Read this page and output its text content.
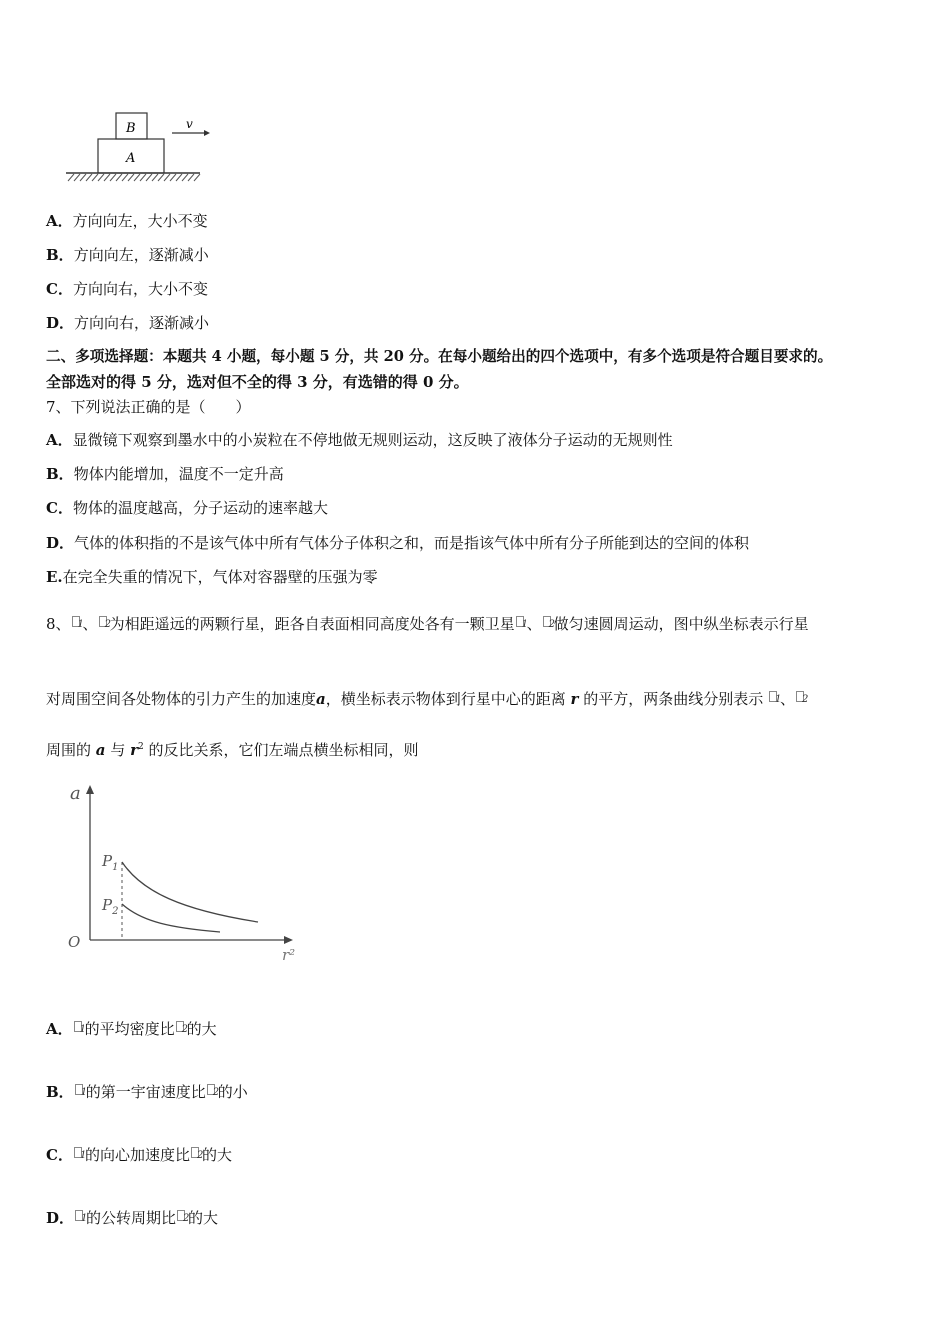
B
A
v
A．方向向左，大小不变
B．方向向左，逐渐减小
C．方向向右，大小不变
D．方向向右，逐渐减小
二、多项选择题：本题共 4 小题，每小题 5 分，共 20 分。在每小题给出的四个选项中，有多个选项是符合题目要求的。
全部选对的得 5 分，选对但不全的得 3 分，有选错的得 0 分。
7、下列说法正确的是（　　）
A．显微镜下观察到墨水中的小炭粒在不停地做无规则运动，这反映了液体分子运动的无规则性
B．物体内能增加，温度不一定升高
C．物体的温度越高，分子运动的速率越大
D．气体的体积指的不是该气体中所有气体分子体积之和，而是指该气体中所有分子所能到达的空间的体积
E.在完全失重的情况下，气体对容器壁的压强为零
8、 1
、 2
为相距遥远的两颗行星，距各自表面相同高度处各有一颗卫星 1
、 2
做匀速圆周运动，图中纵坐标表示行星
对周围空间各处物体的引力产生的加速度a，横坐标表示物体到行星中心的距离 r 的平方，两条曲线分别表示 1
、 2
周围的 a 与 $r^2$ 的反比关系，它们左端点横坐标相同，则
a
O
r²
$P_1$
$P_2$
A． 1
的平均密度比 2
的大
B． 1
的第一宇宙速度比 2
的小
C． 1
的向心加速度比 2
的大
D． 1
的公转周期比 2
的大
